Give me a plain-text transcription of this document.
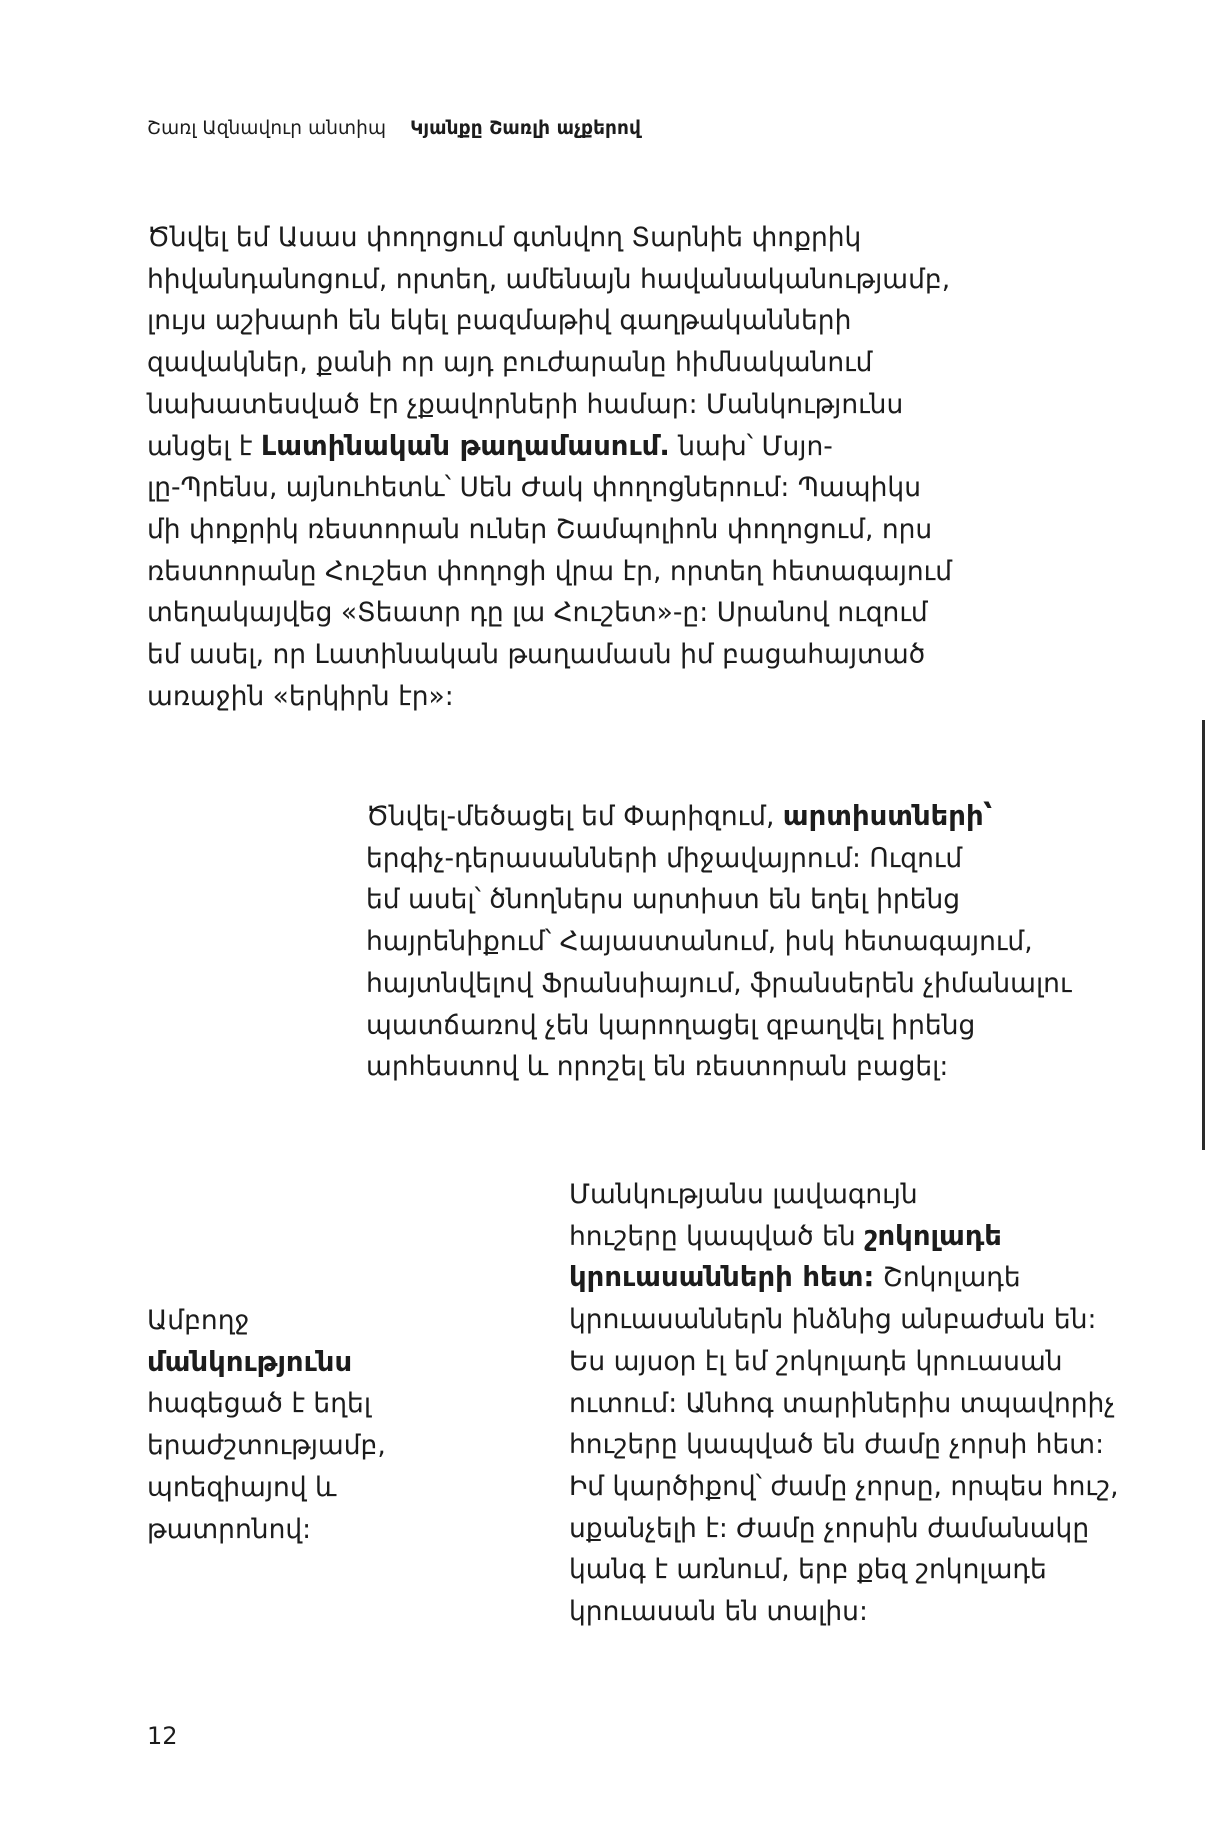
Շառլ Ազնավուր անտիպ Կյանքը Շառլի աչքերով
Ծնվել եմ Ասաս փողոցում գտնվող Տարնիե փոքրիկ
հիվանդանոցում, որտեղ, ամենայն հավանականությամբ,
լույս աշխարհ են եկել բազմաթիվ գաղթականների
զավակներ, քանի որ այդ բուժարանը հիմնականում
նախատեսված էր չքավորների համար: Մանկությունս
անցել է Լատինական թաղամասում. նախ՝ Մսյո-
լը-Պրենս, այնուհետև՝ Սեն Ժակ փողոցներում: Պապիկս
մի փոքրիկ ռեստորան ուներ Շամպոլիոն փողոցում, որս
ռեստորանը Հուշետ փողոցի վրա էր, որտեղ հետագայում
տեղակայվեց «Տեատր դը լա Հուշետ»-ը: Սրանով ուզում
եմ ասել, որ Լատինական թաղամասն իմ բացահայտած
առաջին «երկիրն էր»:
Ծնվել-մեծացել եմ Փարիզում, արտիստների՝
երգիչ-դերասանների միջավայրում: Ուզում
եմ ասել՝ ծնողներս արտիստ են եղել իրենց
հայրենիքում՝ Հայաստանում, իսկ հետագայում,
հայտնվելով Ֆրանսիայում, ֆրանսերեն չիմանալու
պատճառով չեն կարողացել զբաղվել իրենց
արհեստով և որոշել են ռեստորան բացել:
Մանկությանս լավագույն
հուշերը կապված են շոկոլադե
կրուասանների հետ: Շոկոլադե
կրուասաններն ինձնից անբաժան են:
Ես այսօր էլ եմ շոկոլադե կրուասան
ուտում: Անհոգ տարիներիս տպավորիչ
հուշերը կապված են ժամը չորսի հետ:
Իմ կարծիքով՝ ժամը չորսը, որպես հուշ,
սքանչելի է: Ժամը չորսին ժամանակը
կանգ է առնում, երբ քեզ շոկոլադե
կրուասան են տալիս:
Ամբողջ
մանկությունս
հագեցած է եղել
երաժշտությամբ,
պոեզիայով և
թատրոնով:
12
